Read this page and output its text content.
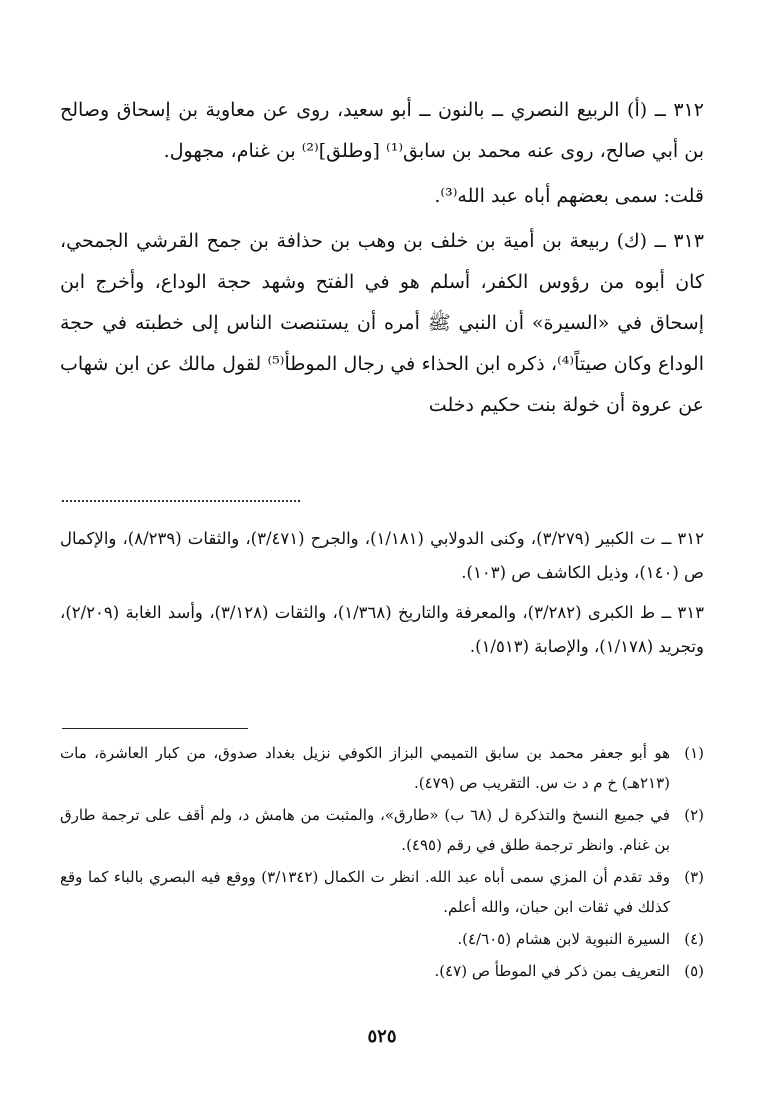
٣١٢ ــ (أ) الربيع النصري ــ بالنون ــ أبو سعيد، روى عن معاوية بن إسحاق وصالح بن أبي صالح، روى عنه محمد بن سابق⁽¹⁾ [وطلق]⁽²⁾ بن غنام، مجهول.

قلت: سمى بعضهم أباه عبد الله⁽³⁾.

٣١٣ ــ (ك) ربيعة بن أمية بن خلف بن وهب بن حذافة بن جمح القرشي الجمحي، كان أبوه من رؤوس الكفر، أسلم هو في الفتح وشهد حجة الوداع، وأخرج ابن إسحاق في «السيرة» أن النبي ﷺ أمره أن يستنصت الناس إلى خطبته في حجة الوداع وكان صيتاً⁽⁴⁾، ذكره ابن الحذاء في رجال الموطأ⁽⁵⁾ لقول مالك عن ابن شهاب عن عروة أن خولة بنت حكيم دخلت

٣١٢ ــ ت الكبير (٣/٢٧٩)، وكنى الدولابي (١/١٨١)، والجرح (٣/٤٧١)، والثقات (٨/٢٣٩)، والإكمال ص (١٤٠)، وذيل الكاشف ص (١٠٣).

٣١٣ ــ ط الكبرى (٣/٢٨٢)، والمعرفة والتاريخ (١/٣٦٨)، والثقات (٣/١٢٨)، وأسد الغابة (٢/٢٠٩)، وتجريد (١/١٧٨)، والإصابة (١/٥١٣).

(١)
هو أبو جعفر محمد بن سابق التميمي البزاز الكوفي نزيل بغداد صدوق، من كبار العاشرة، مات (٢١٣هـ) خ م د ت س. التقريب ص (٤٧٩).
(٢)
في جميع النسخ والتذكرة ل (٦٨ ب) «طارق»، والمثبت من هامش د، ولم أقف على ترجمة طارق بن غنام. وانظر ترجمة طلق في رقم (٤٩٥).
(٣)
وقد تقدم أن المزي سمى أباه عبد الله. انظر ت الكمال (٣/١٣٤٢) ووقع فيه البصري بالباء كما وقع كذلك في ثقات ابن حبان، والله أعلم.
(٤)
السيرة النبوية لابن هشام (٤/٦٠٥).
(٥)
التعريف بمن ذكر في الموطأ ص (٤٧).
٥٢٥
